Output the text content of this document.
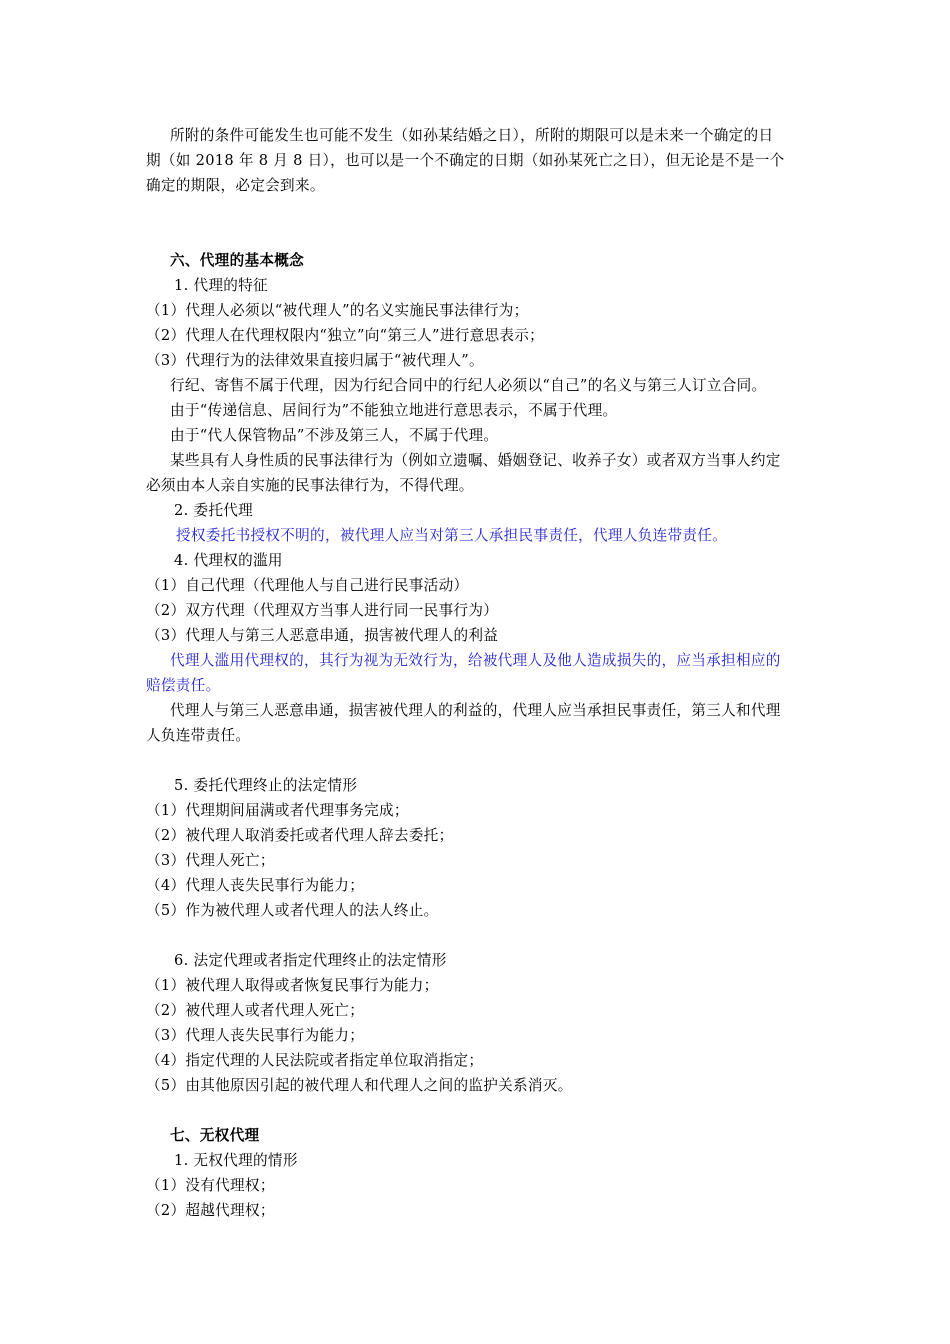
所附的条件可能发生也可能不发生（如孙某结婚之日），所附的期限可以是未来一个确定的日
期（如 2018 年 8 月 8 日），也可以是一个不确定的日期（如孙某死亡之日），但无论是不是一个
确定的期限，必定会到来。
六、代理的基本概念
1. 代理的特征
（1）代理人必须以“被代理人”的名义实施民事法律行为；
（2）代理人在代理权限内“独立”向“第三人”进行意思表示；
（3）代理行为的法律效果直接归属于“被代理人”。
行纪、寄售不属于代理，因为行纪合同中的行纪人必须以“自己”的名义与第三人订立合同。
由于“传递信息、居间行为”不能独立地进行意思表示，不属于代理。
由于“代人保管物品”不涉及第三人，不属于代理。
某些具有人身性质的民事法律行为（例如立遗嘱、婚姻登记、收养子女）或者双方当事人约定
必须由本人亲自实施的民事法律行为，不得代理。
2. 委托代理
授权委托书授权不明的，被代理人应当对第三人承担民事责任，代理人负连带责任。
4. 代理权的滥用
（1）自己代理（代理他人与自己进行民事活动）
（2）双方代理（代理双方当事人进行同一民事行为）
（3）代理人与第三人恶意串通，损害被代理人的利益
代理人滥用代理权的，其行为视为无效行为，给被代理人及他人造成损失的，应当承担相应的
赔偿责任。
代理人与第三人恶意串通，损害被代理人的利益的，代理人应当承担民事责任，第三人和代理
人负连带责任。
5. 委托代理终止的法定情形
（1）代理期间届满或者代理事务完成；
（2）被代理人取消委托或者代理人辞去委托；
（3）代理人死亡；
（4）代理人丧失民事行为能力；
（5）作为被代理人或者代理人的法人终止。
6. 法定代理或者指定代理终止的法定情形
（1）被代理人取得或者恢复民事行为能力；
（2）被代理人或者代理人死亡；
（3）代理人丧失民事行为能力；
（4）指定代理的人民法院或者指定单位取消指定；
（5）由其他原因引起的被代理人和代理人之间的监护关系消灭。
七、无权代理
1. 无权代理的情形
（1）没有代理权；
（2）超越代理权；
